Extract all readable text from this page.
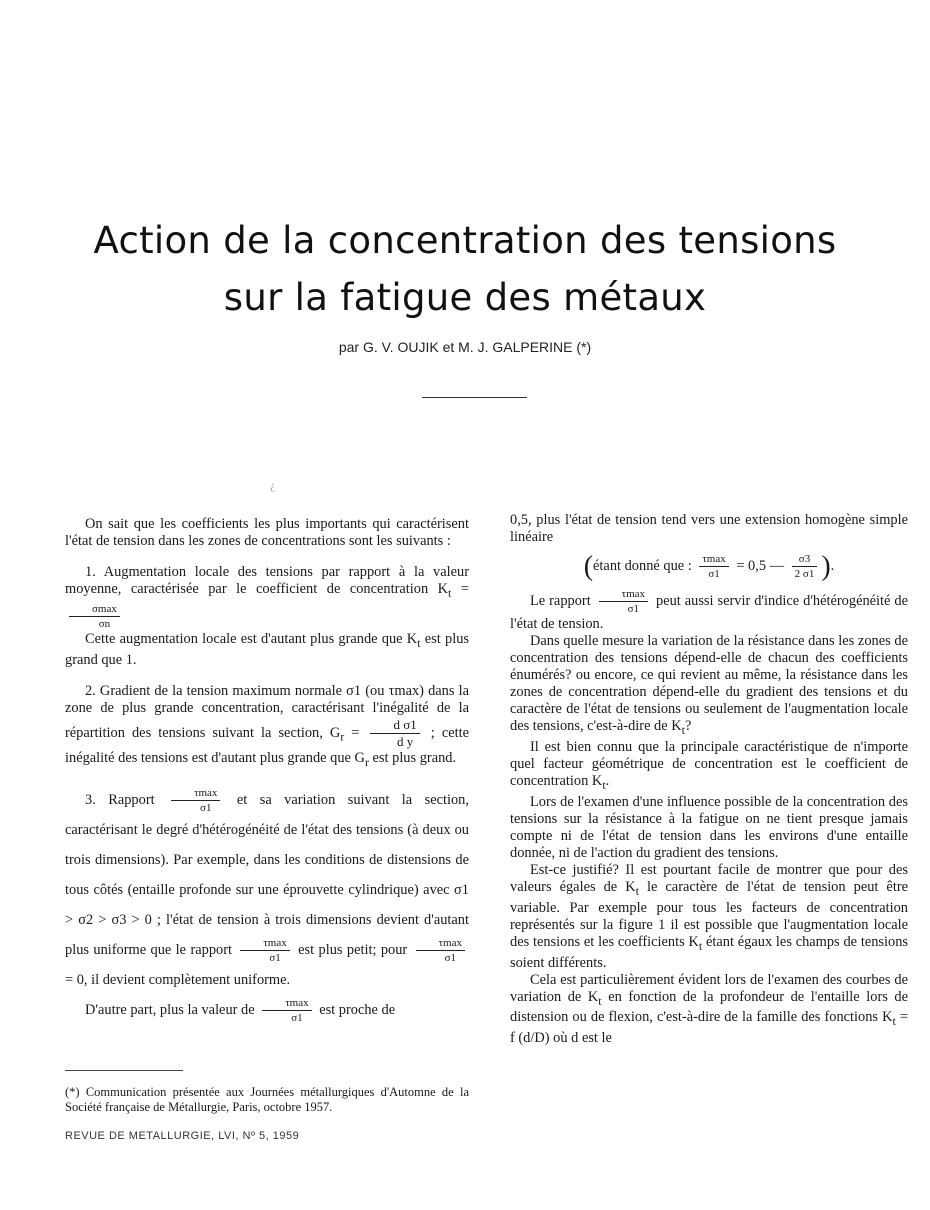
Action de la concentration des tensions
sur la fatigue des métaux
par G. V. OUJIK et M. J. GALPERINE (*)
¿

On sait que les coefficients les plus importants qui caractérisent l'état de tension dans les zones de concentrations sont les suivants :

1. Augmentation locale des tensions par rapport à la valeur moyenne, caractérisée par le coefficient de concentration $K_t$ =
$\frac{\sigma\max}{\sigma n}$

Cette augmentation locale est d'autant plus grande que $K_t$ est plus grand que 1.

2. Gradient de la tension maximum normale σ1 (ou τmax) dans la zone de plus grande concentration, caractérisant l'inégalité de la répartition des tensions suivant la section, $G_r = \frac{\text{d σ1}}{\text{d y}}$ ; cette inégalité des tensions est d'autant plus grande que $G_r$ est plus grand.

3. Rapport $\frac{\tau\max}{\sigma 1}$ et sa variation suivant la section, caractérisant le degré d'hétérogénéité de l'état des tensions (à deux ou trois dimensions). Par exemple, dans les conditions de distensions de tous côtés (entaille profonde sur une éprouvette cylindrique) avec σ1 > σ2 > σ3 > 0 ; l'état de tension à trois dimensions devient d'autant plus uniforme que le rapport $\frac{\tau\max}{\sigma 1}$ est plus petit; pour $\frac{\tau\max}{\sigma 1}$
= 0, il devient complètement uniforme.

D'autre part, plus la valeur de $\frac{\tau\max}{\sigma 1}$ est proche de

(*) Communication présentée aux Journées métallurgiques d'Automne de la Société française de Métallurgie, Paris, octobre 1957.
REVUE DE METALLURGIE, LVI, Nº 5, 1959

0,5, plus l'état de tension tend vers une extension homogène simple linéaire

(étant donné que : $\frac{\tau\max}{\sigma 1} = 0,5$ — $\frac{\sigma 3}{2 \sigma 1}$ ).

Le rapport $\frac{\tau\max}{\sigma 1}$ peut aussi servir d'indice d'hétérogénéité de l'état de tension.

Dans quelle mesure la variation de la résistance dans les zones de concentration des tensions dépend-elle de chacun des coefficients énumérés? ou encore, ce qui revient au même, la résistance dans les zones de concentration dépend-elle du gradient des tensions et du caractère de l'état de tensions ou seulement de l'augmentation locale des tensions, c'est-à-dire de $K_t$?

Il est bien connu que la principale caractéristique de n'importe quel facteur géométrique de concentration est le coefficient de concentration $K_t$.

Lors de l'examen d'une influence possible de la concentration des tensions sur la résistance à la fatigue on ne tient presque jamais compte ni de l'état de tension dans les environs d'une entaille donnée, ni de l'action du gradient des tensions.

Est-ce justifié? Il est pourtant facile de montrer que pour des valeurs égales de $K_t$ le caractère de l'état de tension peut être variable. Par exemple pour tous les facteurs de concentration représentés sur la figure 1 il est possible que l'augmentation locale des tensions et les coefficients $K_t$ étant égaux les champs de tensions soient différents.

Cela est particulièrement évident lors de l'examen des courbes de variation de $K_t$ en fonction de la profondeur de l'entaille lors de distension ou de flexion, c'est-à-dire de la famille des fonctions $K_t = f$ (d/D) où d est le
